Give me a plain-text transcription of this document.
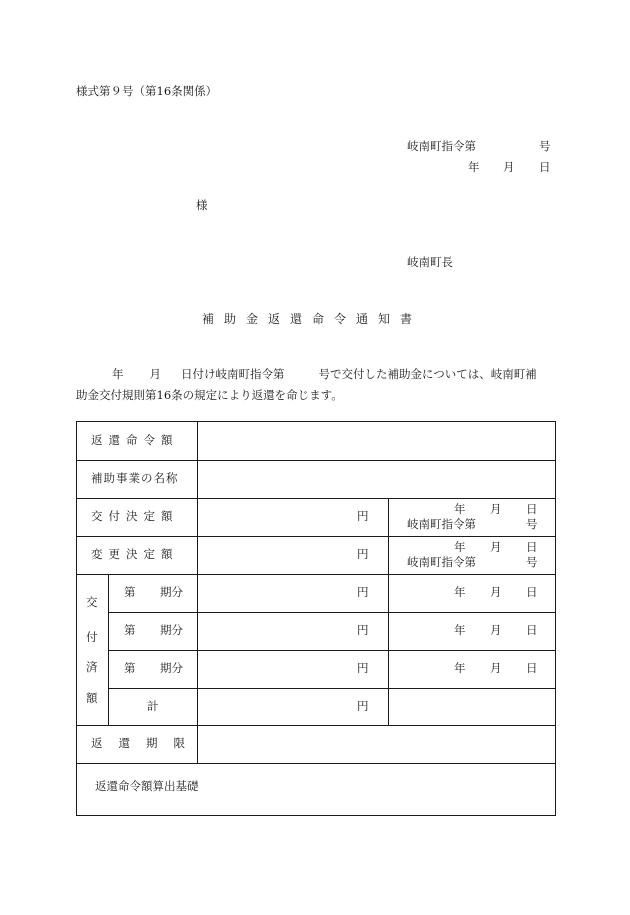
様式第９号（第16条関係）
岐南町指令第	号
年 月 日
様
岐南町長
補助金返還命令通知書
年 月 日付け岐南町指令第	号で交付した補助金については、岐南町補
助金交付規則第16条の規定により返還を命じます。
返還命令額
補助事業の名称
交付決定額	円	年 月 日
岐南町指令第	号
変更決定額	円	年 月 日
岐南町指令第	号
交
付
済
額
第 期分	円	年 月 日
第 期分	円	年 月 日
第 期分	円	年 月 日
計	円
返還期限
返還命令額算出基礎
